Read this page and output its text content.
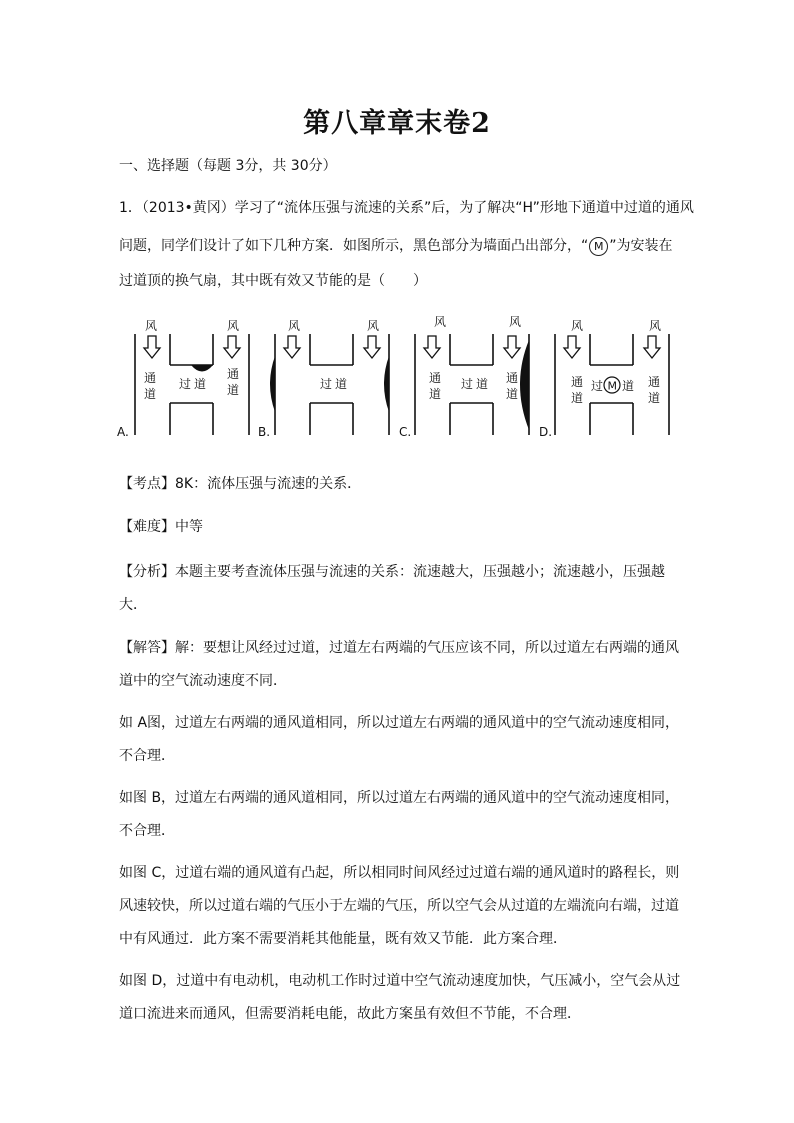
第八章章末卷2
一、选择题（每题 3分，共 30分）
1．（2013•黄冈）学习了“流体压强与流速的关系”后，为了解决“H”形地下通道中过道的通风
问题，同学们设计了如下几种方案．如图所示，黑色部分为墙面凸出部分，“ M ”为安装在
过道顶的换气扇，其中既有效又节能的是（　　）
风	风
通
道
通
道
过 道
A.
风	风
过 道
B.
风	风
通
道
通
道
过 道
C.
风	风
通
道
通
道
过 M 道
D.
【考点】8K：流体压强与流速的关系．
【难度】中等
【分析】本题主要考查流体压强与流速的关系：流速越大，压强越小；流速越小，压强越
大．
【解答】解：要想让风经过过道，过道左右两端的气压应该不同，所以过道左右两端的通风
道中的空气流动速度不同．
如 A图，过道左右两端的通风道相同，所以过道左右两端的通风道中的空气流动速度相同，
不合理．
如图 B，过道左右两端的通风道相同，所以过道左右两端的通风道中的空气流动速度相同，
不合理．
如图 C，过道右端的通风道有凸起，所以相同时间风经过过道右端的通风道时的路程长，则
风速较快，所以过道右端的气压小于左端的气压，所以空气会从过道的左端流向右端，过道
中有风通过．此方案不需要消耗其他能量，既有效又节能．此方案合理．
如图 D，过道中有电动机，电动机工作时过道中空气流动速度加快，气压减小，空气会从过
道口流进来而通风，但需要消耗电能，故此方案虽有效但不节能，不合理．
